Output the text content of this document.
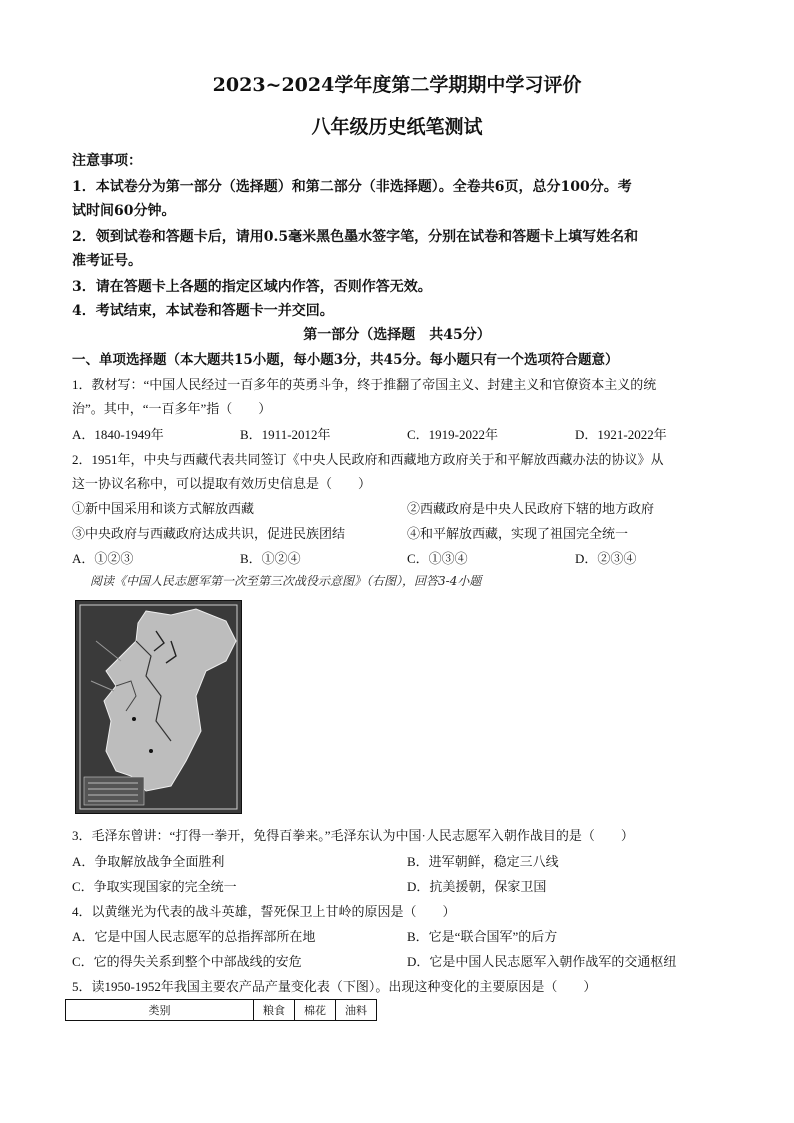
2023~2024学年度第二学期期中学习评价
八年级历史纸笔测试
注意事项：
1．本试卷分为第一部分（选择题）和第二部分（非选择题）。全卷共6页，总分100分。考
试时间60分钟。
2．领到试卷和答题卡后，请用0.5毫米黑色墨水签字笔，分别在试卷和答题卡上填写姓名和
准考证号。
3．请在答题卡上各题的指定区域内作答，否则作答无效。
4．考试结束，本试卷和答题卡一并交回。
第一部分（选择题　共45分）
一、单项选择题（本大题共15小题，每小题3分，共45分。每小题只有一个选项符合题意）
1．教材写：“中国人民经过一百多年的英勇斗争，终于推翻了帝国主义、封建主义和官僚资本主义的统
治”。其中，“一百多年”指（　　）
A．1840-1949年	B．1911-2012年	C．1919-2022年	D．1921-2022年
2．1951年，中央与西藏代表共同签订《中央人民政府和西藏地方政府关于和平解放西藏办法的协议》从
这一协议名称中，可以提取有效历史信息是（　　）
①新中国采用和谈方式解放西藏	②西藏政府是中央人民政府下辖的地方政府
③中央政府与西藏政府达成共识，促进民族团结	④和平解放西藏，实现了祖国完全统一
A．①②③	B．①②④	C．①③④	D．②③④
阅读《中国人民志愿军第一次至第三次战役示意图》（右图），回答3-4小题
3．毛泽东曾讲：“打得一拳开，免得百拳来。”毛泽东认为中国·人民志愿军入朝作战目的是（　　）
A．争取解放战争全面胜利	B．进军朝鲜，稳定三八线
C．争取实现国家的完全统一	D．抗美援朝，保家卫国
4．以黄继光为代表的战斗英雄，誓死保卫上甘岭的原因是（　　）
A．它是中国人民志愿军的总指挥部所在地	B．它是“联合国军”的后方
C．它的得失关系到整个中部战线的安危	D．它是中国人民志愿军入朝作战军的交通枢纽
5．读1950-1952年我国主要农产品产量变化表（下图）。出现这种变化的主要原因是（　　）
类别	粮食	棉花	油料
